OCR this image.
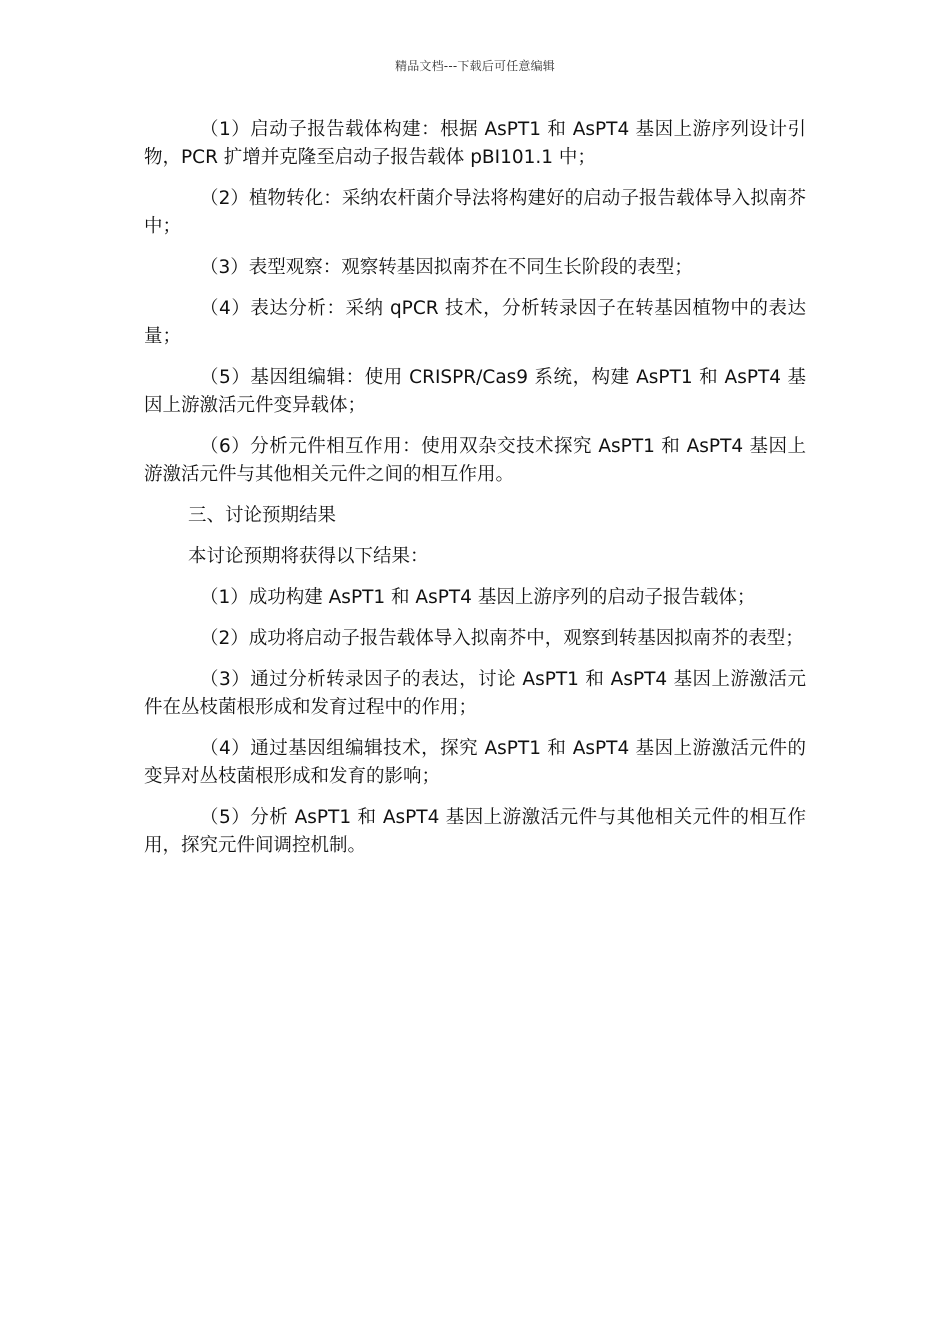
精品文档---下载后可任意编辑

（1）启动子报告载体构建：根据 AsPT1 和 AsPT4 基因上游序列设计引物，PCR 扩增并克隆至启动子报告载体 pBI101.1 中；

（2）植物转化：采纳农杆菌介导法将构建好的启动子报告载体导入拟南芥中；

（3）表型观察：观察转基因拟南芥在不同生长阶段的表型；

（4）表达分析：采纳 qPCR 技术，分析转录因子在转基因植物中的表达量；

（5）基因组编辑：使用 CRISPR/Cas9 系统，构建 AsPT1 和 AsPT4 基因上游激活元件变异载体；

（6）分析元件相互作用：使用双杂交技术探究 AsPT1 和 AsPT4 基因上游激活元件与其他相关元件之间的相互作用。

三、讨论预期结果

本讨论预期将获得以下结果：

（1）成功构建 AsPT1 和 AsPT4 基因上游序列的启动子报告载体；

（2）成功将启动子报告载体导入拟南芥中，观察到转基因拟南芥的表型；

（3）通过分析转录因子的表达，讨论 AsPT1 和 AsPT4 基因上游激活元件在丛枝菌根形成和发育过程中的作用；

（4）通过基因组编辑技术，探究 AsPT1 和 AsPT4 基因上游激活元件的变异对丛枝菌根形成和发育的影响；

（5）分析 AsPT1 和 AsPT4 基因上游激活元件与其他相关元件的相互作用，探究元件间调控机制。
